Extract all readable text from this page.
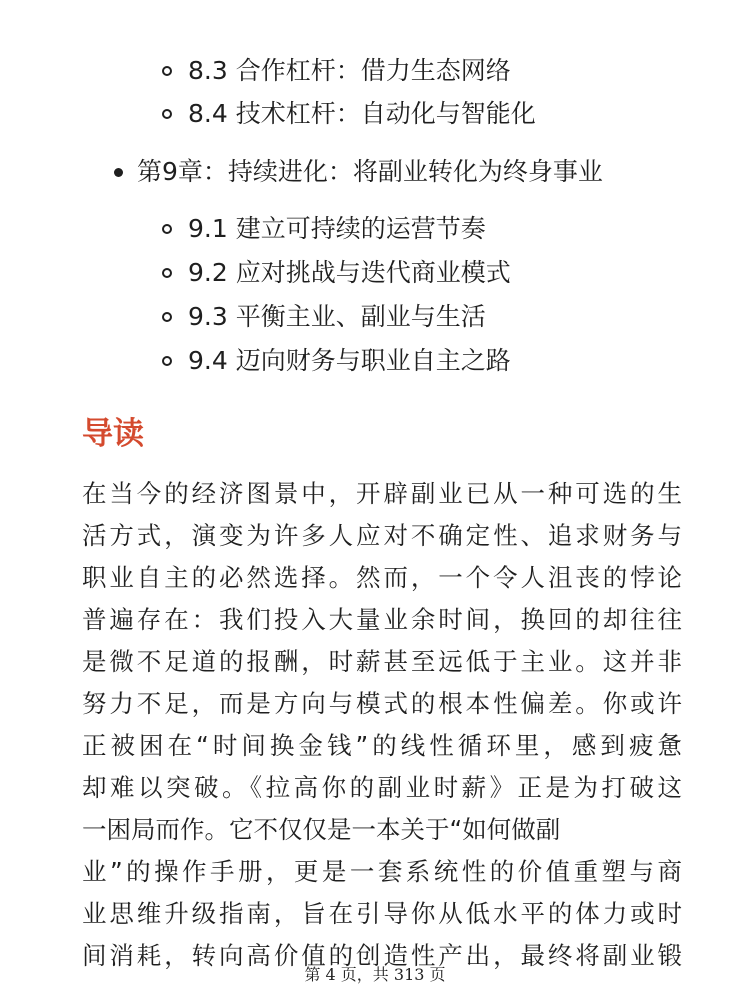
8.3
合作杠杆：借力生态网络
8.4
技术杠杆：自动化与智能化
第9章：持续进化：将副业转化为终身事业
9.1
建立可持续的运营节奏
9.2
应对挑战与迭代商业模式
9.3
平衡主业、副业与生活
9.4
迈向财务与职业自主之路
导读
在当今的经济图景中，开辟副业已从一种可选的生
活方式，演变为许多人应对不确定性、追求财务与
职业自主的必然选择。然而，一个令人沮丧的悖论
普遍存在：我们投入大量业余时间，换回的却往往
是微不足道的报酬，时薪甚至远低于主业。这并非
努力不足，而是方向与模式的根本性偏差。你或许
正被困在“时间换金钱”的线性循环里，感到疲惫
却难以突破。《拉高你的副业时薪》正是为打破这
一困局而作。它不仅仅是一本关于“如何做副
业”的操作手册，更是一套系统性的价值重塑与商
业思维升级指南，旨在引导你从低水平的体力或时
间消耗，转向高价值的创造性产出，最终将副业锻
第 4 页，共 313 页
